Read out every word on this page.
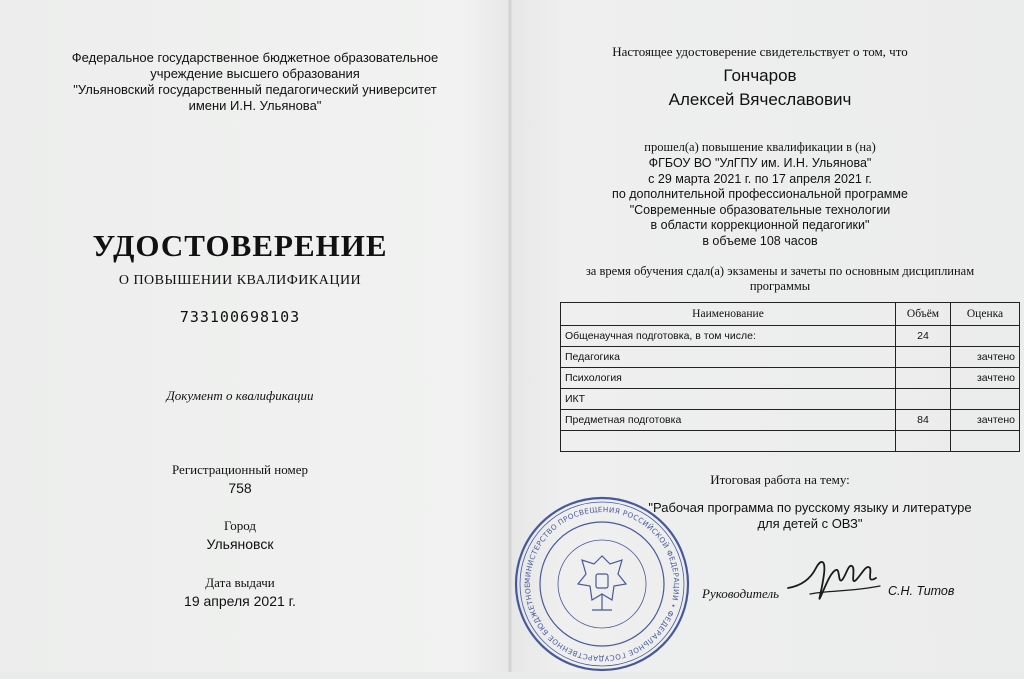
Федеральное государственное бюджетное образовательное
учреждение высшего образования
"Ульяновский государственный педагогический университет
имени И.Н. Ульянова"
УДОСТОВЕРЕНИЕ
О ПОВЫШЕНИИ КВАЛИФИКАЦИИ
733100698103
Документ о квалификации
Регистрационный номер
758
Город
Ульяновск
Дата выдачи
19 апреля 2021 г.
Настоящее удостоверение свидетельствует о том, что
Гончаров
Алексей Вячеславович
прошел(а) повышение квалификации в (на)
ФГБОУ ВО "УлГПУ им. И.Н. Ульянова"
с 29 марта 2021 г. по 17 апреля 2021 г.
по дополнительной профессиональной программе
"Современные образовательные технологии
в области коррекционной педагогики"
в объеме 108 часов
за время обучения сдал(а) экзамены и зачеты по основным дисциплинам
программы
Наименование	Объём	Оценка
Общенаучная подготовка, в том числе:	24	
Педагогика		зачтено
Психология		зачтено
ИКТ		
Предметная подготовка	84	зачтено

Итоговая работа на тему:
"Рабочая программа по русскому языку и литературе
для детей с ОВЗ"
МИНИСТЕРСТВО ПРОСВЕЩЕНИЯ РОССИЙСКОЙ ФЕДЕРАЦИИ • ФЕДЕРАЛЬНОЕ ГОСУДАРСТВЕННОЕ БЮДЖЕТНОЕ
Руководитель	С.Н. Титов
